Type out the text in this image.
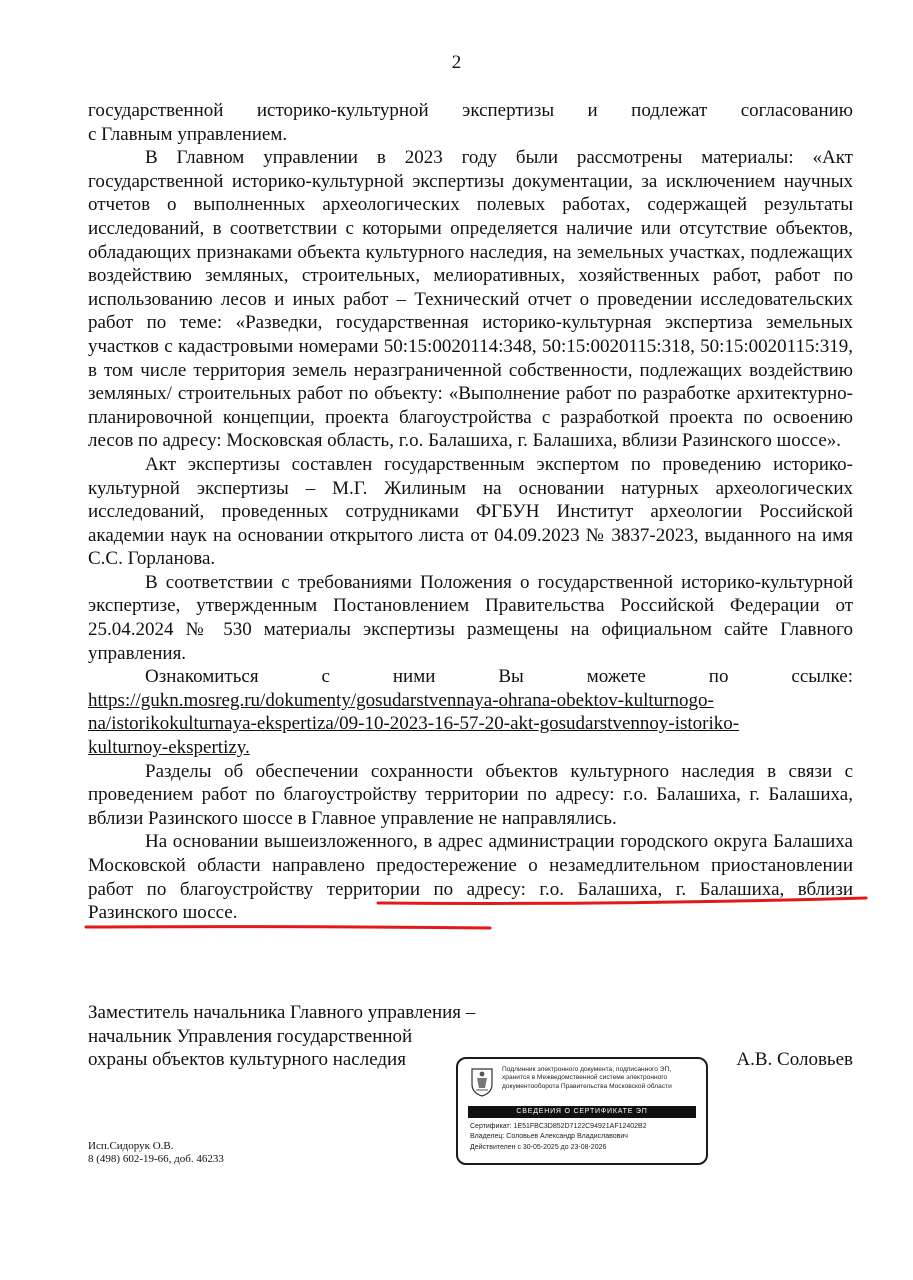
2

государственной историко-культурной экспертизы и подлежат согласованию

с Главным управлением.

В Главном управлении в 2023 году были рассмотрены материалы: «Акт государственной историко-культурной экспертизы документации, за исключением научных отчетов о выполненных археологических полевых работах, содержащей результаты исследований, в соответствии с которыми определяется наличие или отсутствие объектов, обладающих признаками объекта культурного наследия, на земельных участках, подлежащих воздействию земляных, строительных, мелиоративных, хозяйственных работ, работ по использованию лесов и иных работ – Технический отчет о проведении исследовательских работ по теме: «Разведки, государственная историко-культурная экспертиза земельных участков с кадастровыми номерами 50:15:0020114:348, 50:15:0020115:318, 50:15:0020115:319, в том числе территория земель неразграниченной собственности, подлежащих воздействию земляных/ строительных работ по объекту: «Выполнение работ по разработке архитектурно-планировочной концепции, проекта благоустройства с разработкой проекта по освоению лесов по адресу: Московская область, г.о. Балашиха, г. Балашиха, вблизи Разинского шоссе».

Акт экспертизы составлен государственным экспертом по проведению историко-культурной экспертизы – М.Г. Жилиным на основании натурных археологических исследований, проведенных сотрудниками ФГБУН Институт археологии Российской академии наук на основании открытого листа от 04.09.2023 № 3837-2023, выданного на имя С.С. Горланова.

В соответствии с требованиями Положения о государственной историко-культурной экспертизе, утвержденным Постановлением Правительства Российской Федерации от 25.04.2024 № 530 материалы экспертизы размещены на официальном сайте Главного управления.

Ознакомиться с ними Вы можете по ссылке:

https://gukn.mosreg.ru/dokumenty/gosudarstvennaya-ohrana-obektov-kulturnogo-
na/istorikokulturnaya-ekspertiza/09-10-2023-16-57-20-akt-gosudarstvennoy-istoriko-
kulturnoy-ekspertizy.

Разделы об обеспечении сохранности объектов культурного наследия в связи с проведением работ по благоустройству территории по адресу: г.о. Балашиха, г. Балашиха, вблизи Разинского шоссе в Главное управление не направлялись.

На основании вышеизложенного, в адрес администрации городского округа Балашиха Московской области направлено предостережение о незамедлительном приостановлении работ по благоустройству территории по адресу: г.о. Балашиха, г. Балашиха, вблизи Разинского шоссе.

Заместитель начальника Главного управления –
начальник Управления государственной
охраны объектов культурного наследия	А.В. Соловьев
Подлинник электронного документа, подписанного ЭП,
хранится в Межведомственной системе электронного
документооборота Правительства Московской области
СВЕДЕНИЯ О СЕРТИФИКАТЕ ЭП
Сертификат: 1E51FBC3D852D7122C94921AF12402B2
Владелец: Соловьев Александр Владиславович
Действителен с 30-05-2025 до 23-08-2026
Исп.Сидорук О.В.
8 (498) 602-19-66, доб. 46233
